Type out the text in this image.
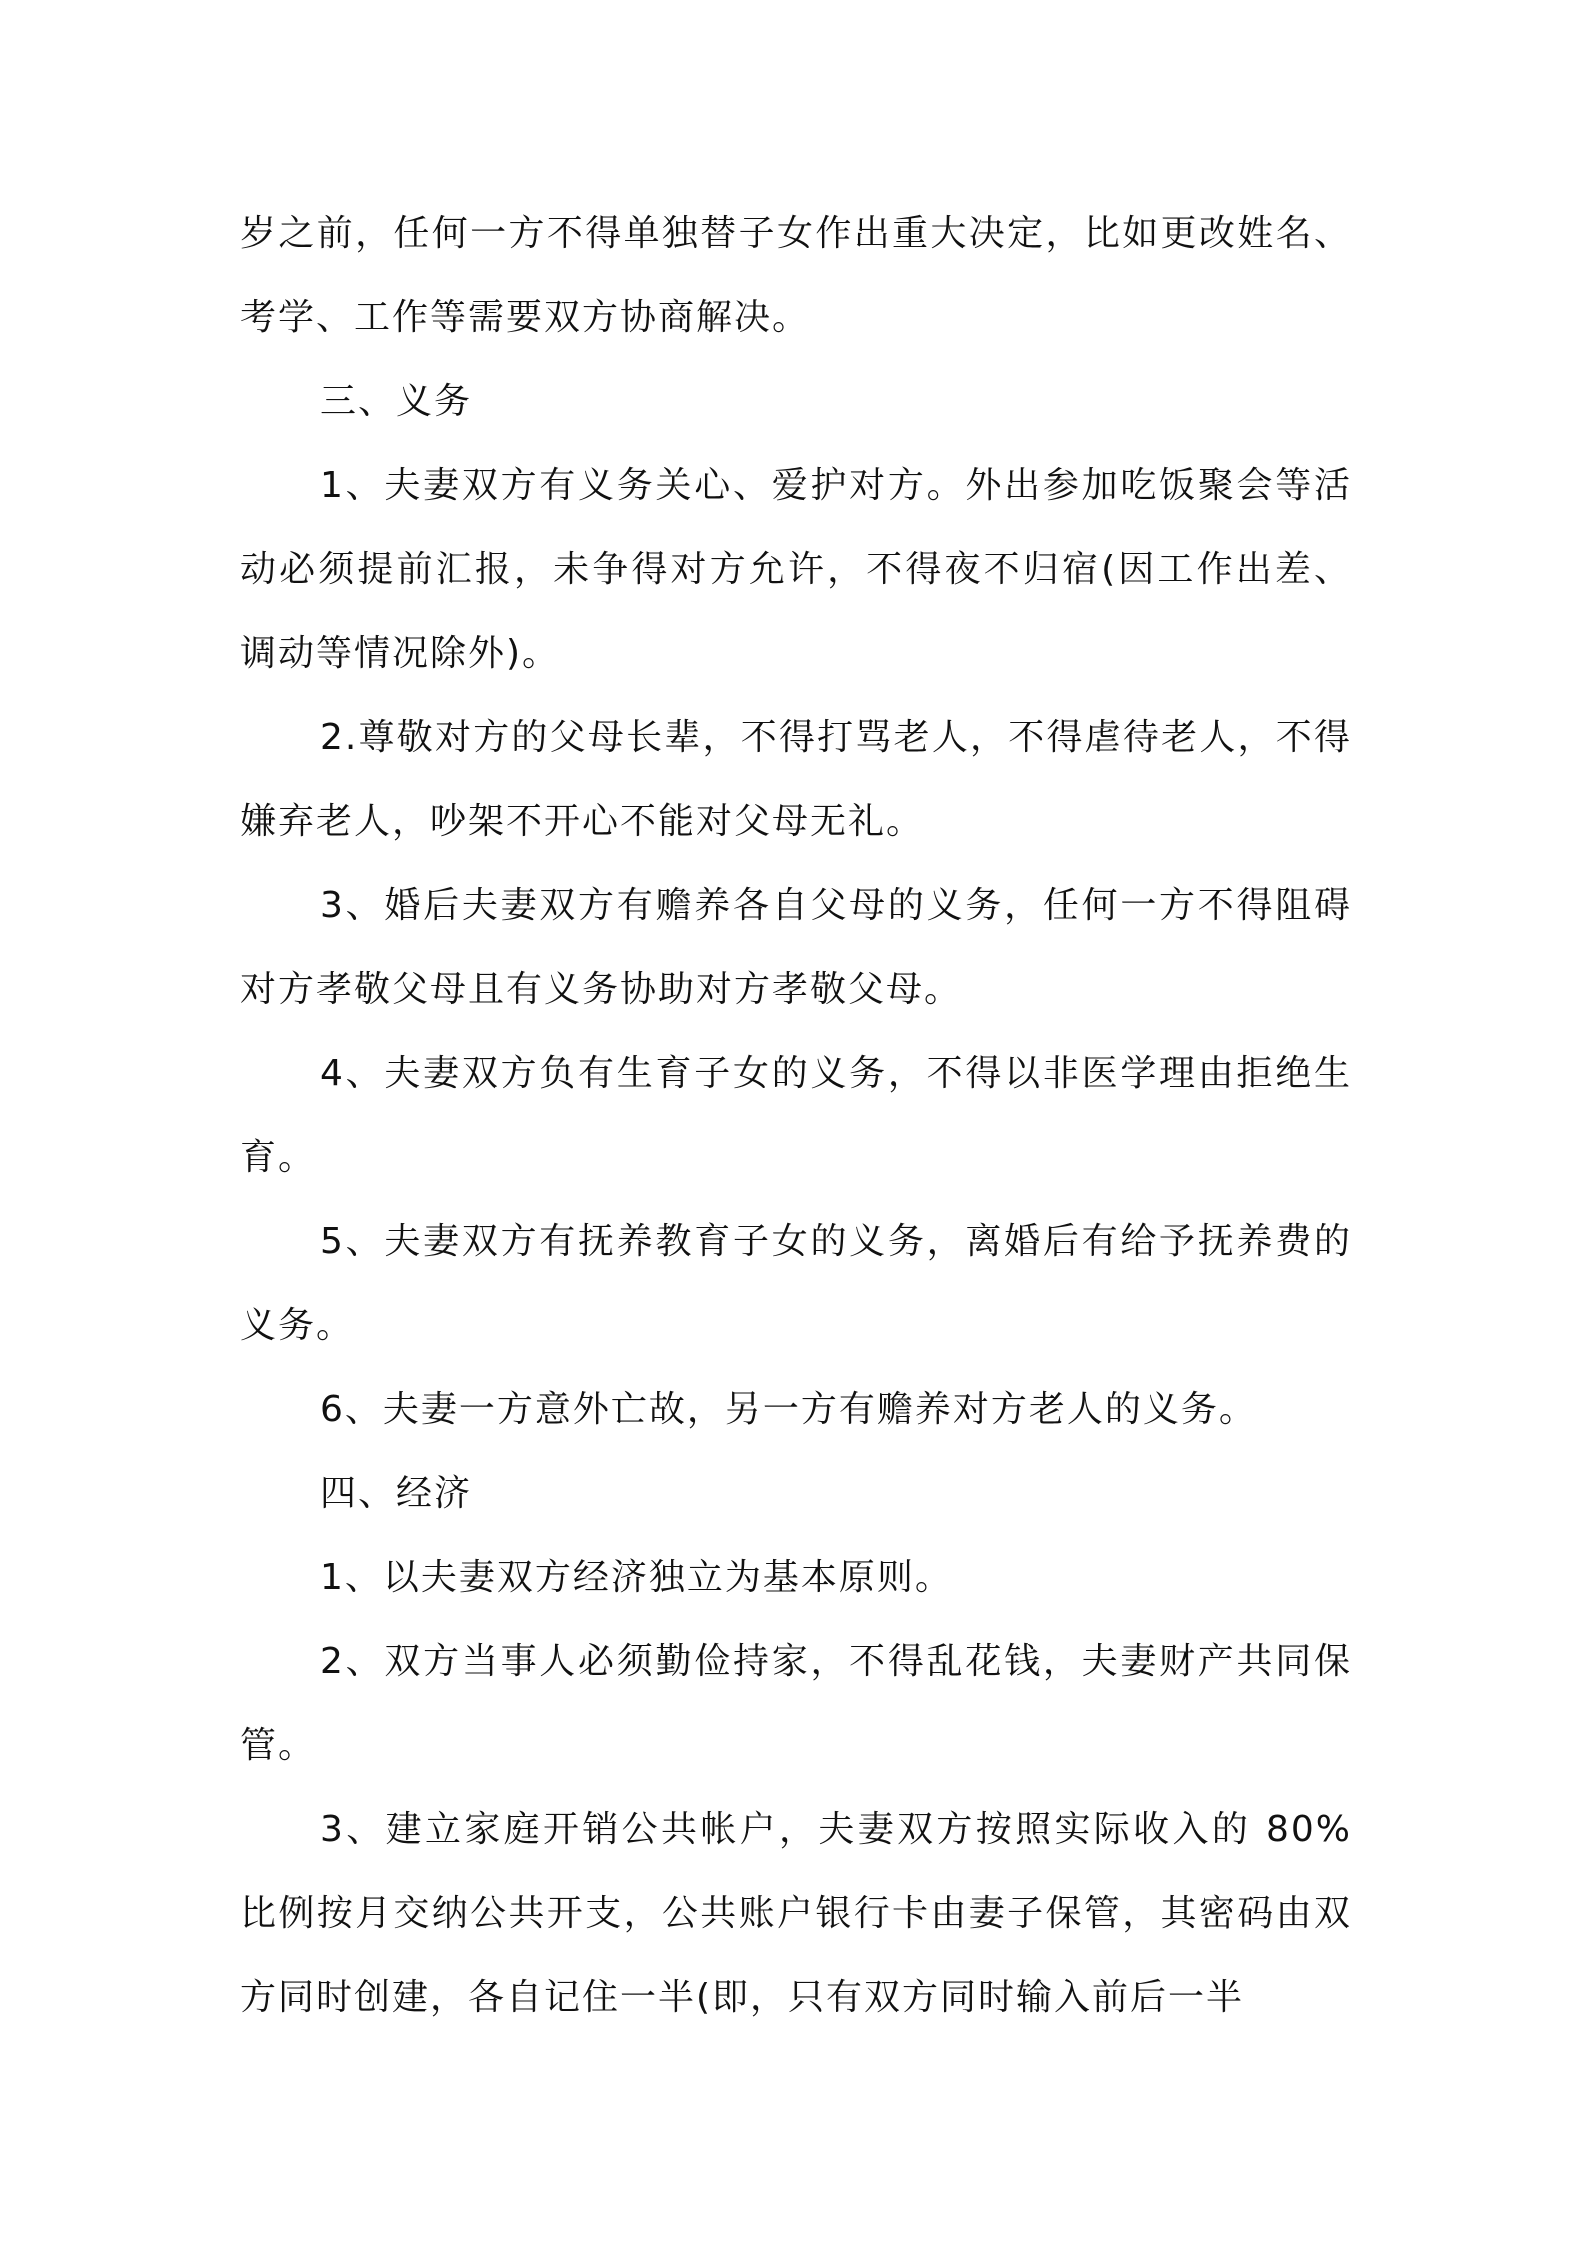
岁之前，任何一方不得单独替子女作出重大决定，比如更改姓名、考学、工作等需要双方协商解决。

三、义务

1、夫妻双方有义务关心、爱护对方。外出参加吃饭聚会等活动必须提前汇报，未争得对方允许，不得夜不归宿(因工作出差、调动等情况除外)。

2.尊敬对方的父母长辈，不得打骂老人，不得虐待老人，不得嫌弃老人，吵架不开心不能对父母无礼。

3、婚后夫妻双方有赡养各自父母的义务，任何一方不得阻碍对方孝敬父母且有义务协助对方孝敬父母。

4、夫妻双方负有生育子女的义务，不得以非医学理由拒绝生育。

5、夫妻双方有抚养教育子女的义务，离婚后有给予抚养费的义务。

6、夫妻一方意外亡故，另一方有赡养对方老人的义务。

四、经济

1、以夫妻双方经济独立为基本原则。

2、双方当事人必须勤俭持家，不得乱花钱，夫妻财产共同保管。

3、建立家庭开销公共帐户，夫妻双方按照实际收入的 80%比例按月交纳公共开支，公共账户银行卡由妻子保管，其密码由双方同时创建，各自记住一半(即，只有双方同时输入前后一半
